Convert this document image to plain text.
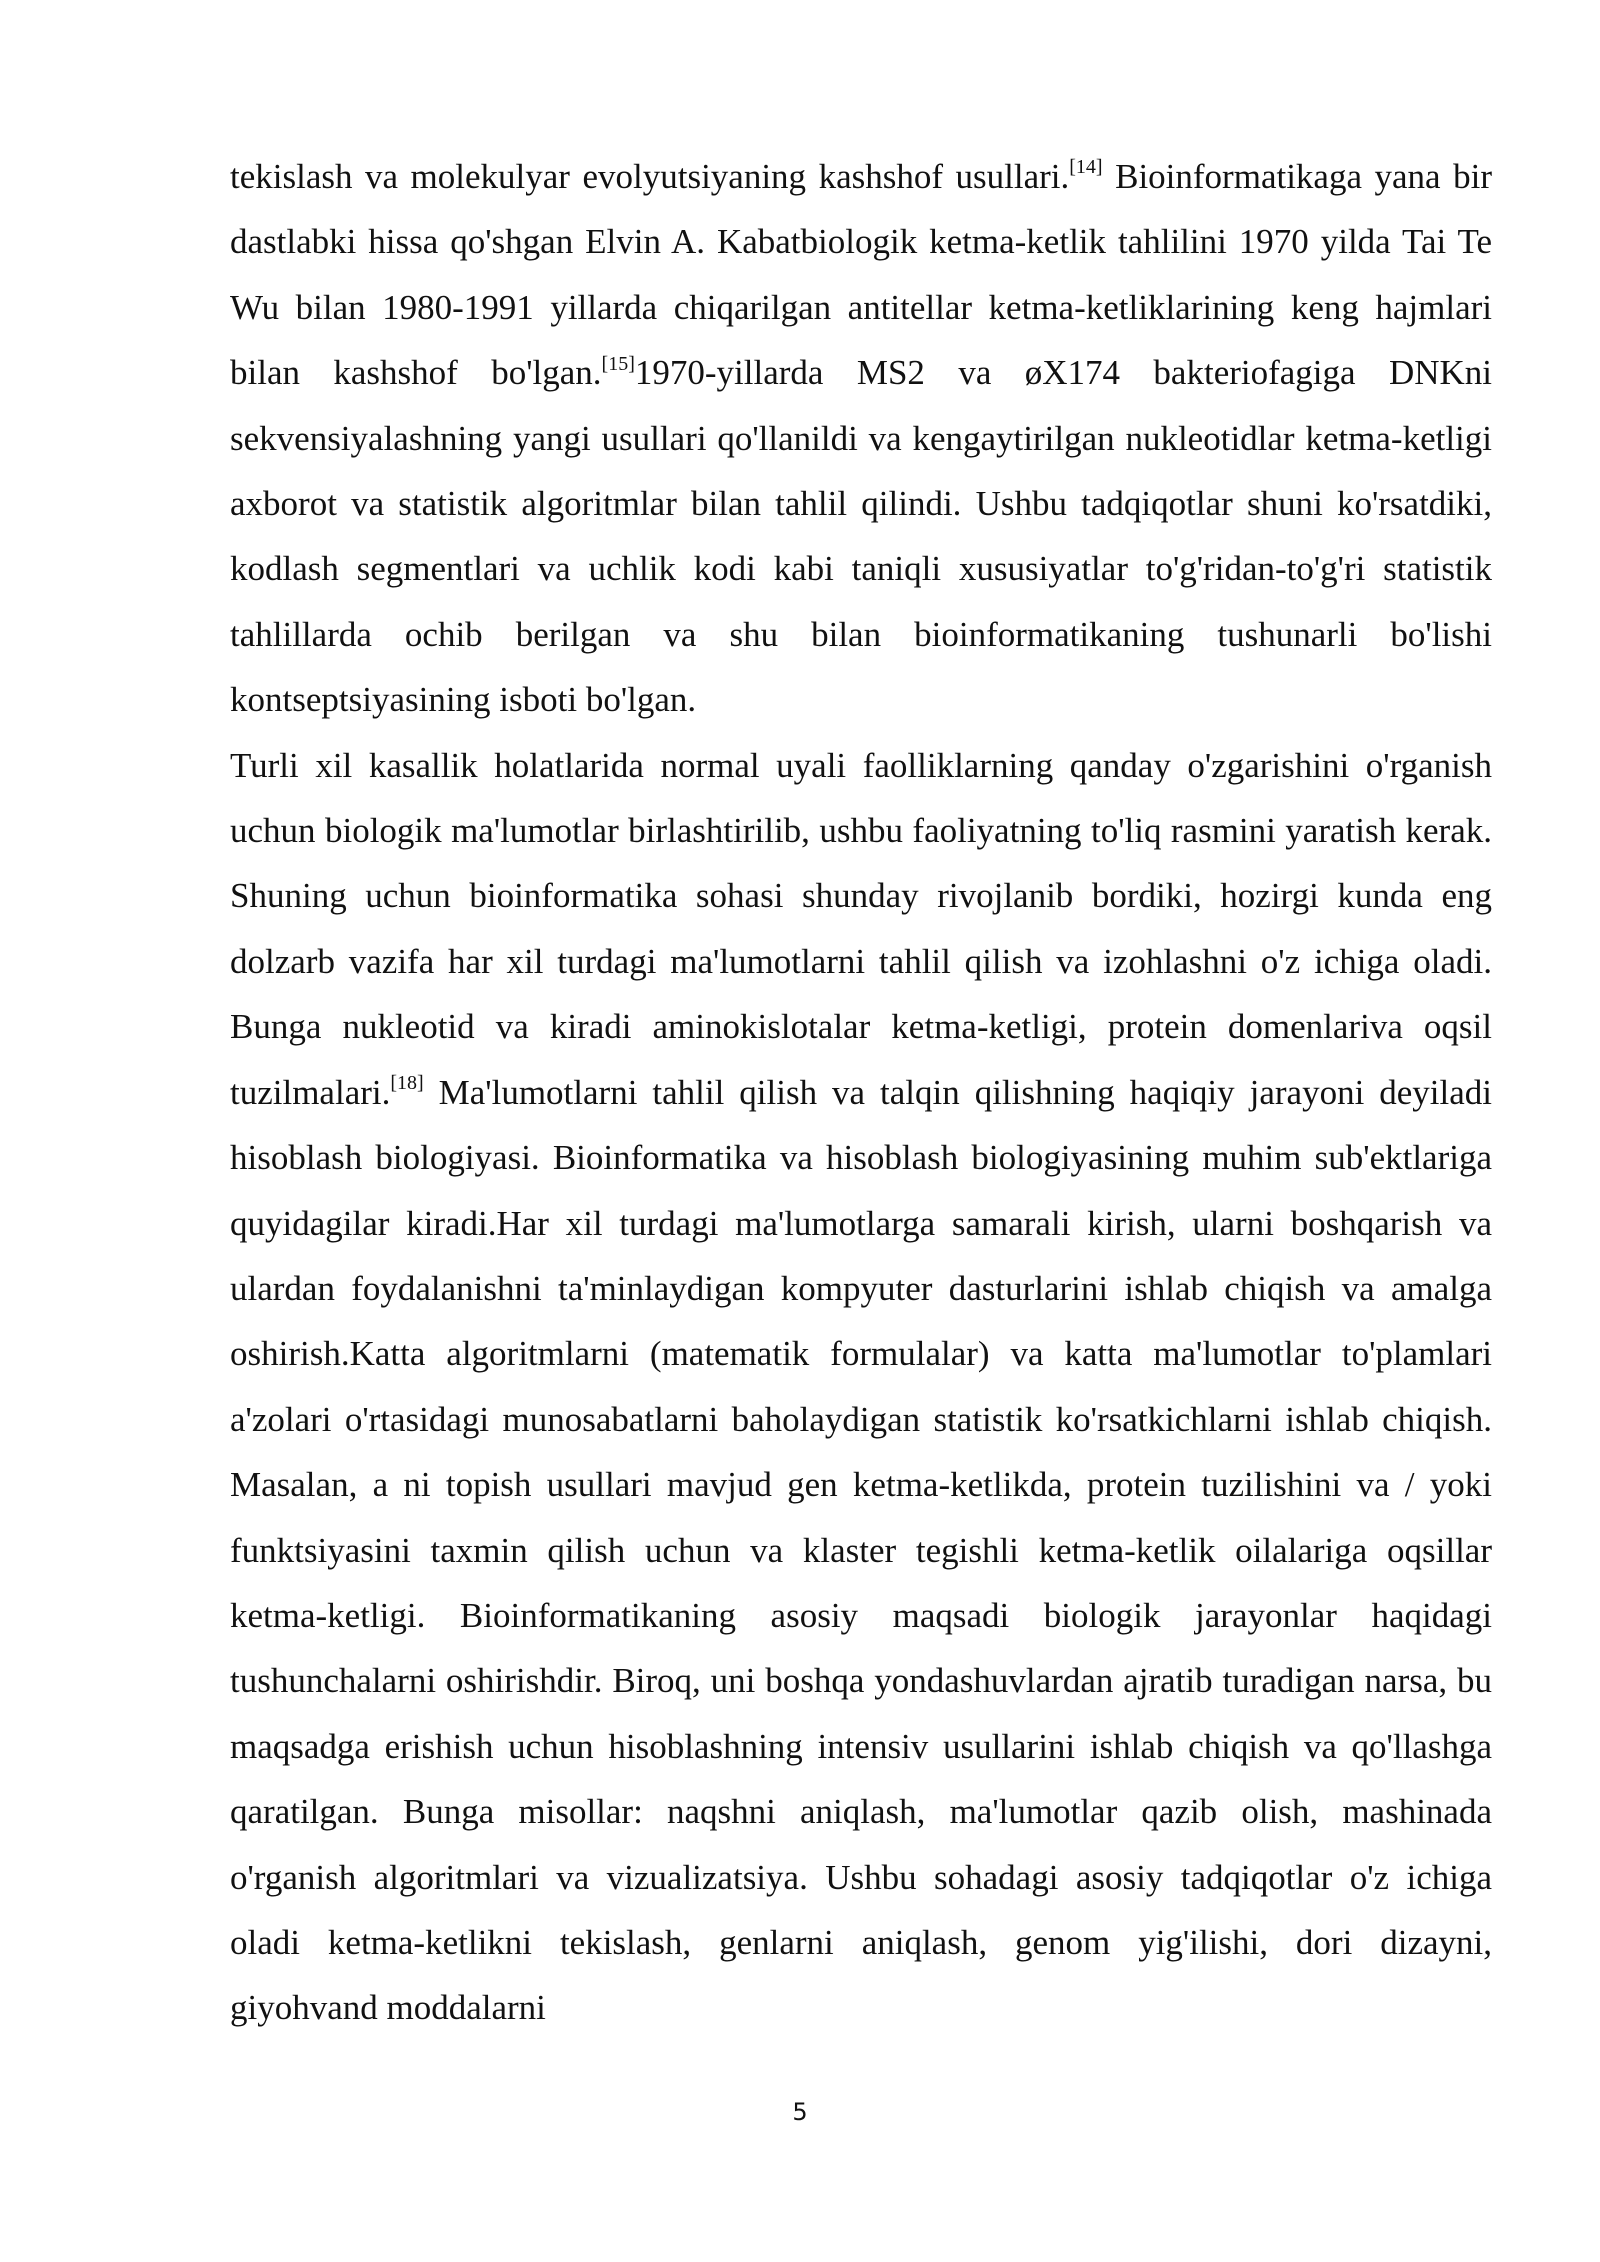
tekislash va molekulyar evolyutsiyaning kashshof usullari.[14] Bioinformatikaga yana bir dastlabki hissa qo'shgan Elvin A. Kabatbiologik ketma-ketlik tahlilini 1970 yilda Tai Te Wu bilan 1980-1991 yillarda chiqarilgan antitellar ketma-ketliklarining keng hajmlari bilan kashshof bo'lgan.[15]1970-yillarda MS2 va øX174 bakteriofagiga DNKni sekvensiyalashning yangi usullari qo'llanildi va kengaytirilgan nukleotidlar ketma-ketligi axborot va statistik algoritmlar bilan tahlil qilindi. Ushbu tadqiqotlar shuni ko'rsatdiki, kodlash segmentlari va uchlik kodi kabi taniqli xususiyatlar to'g'ridan-to'g'ri statistik tahlillarda ochib berilgan va shu bilan bioinformatikaning tushunarli bo'lishi kontseptsiyasining isboti bo'lgan.

Turli xil kasallik holatlarida normal uyali faolliklarning qanday o'zgarishini o'rganish uchun biologik ma'lumotlar birlashtirilib, ushbu faoliyatning to'liq rasmini yaratish kerak. Shuning uchun bioinformatika sohasi shunday rivojlanib bordiki, hozirgi kunda eng dolzarb vazifa har xil turdagi ma'lumotlarni tahlil qilish va izohlashni o'z ichiga oladi. Bunga nukleotid va kiradi aminokislotalar ketma-ketligi, protein domenlariva oqsil tuzilmalari.[18] Ma'lumotlarni tahlil qilish va talqin qilishning haqiqiy jarayoni deyiladi hisoblash biologiyasi. Bioinformatika va hisoblash biologiyasining muhim sub'ektlariga quyidagilar kiradi.Har xil turdagi ma'lumotlarga samarali kirish, ularni boshqarish va ulardan foydalanishni ta'minlaydigan kompyuter dasturlarini ishlab chiqish va amalga oshirish.Katta algoritmlarni (matematik formulalar) va katta ma'lumotlar to'plamlari a'zolari o'rtasidagi munosabatlarni baholaydigan statistik ko'rsatkichlarni ishlab chiqish. Masalan, a ni topish usullari mavjud gen ketma-ketlikda, protein tuzilishini va / yoki funktsiyasini taxmin qilish uchun va klaster tegishli ketma-ketlik oilalariga oqsillar ketma-ketligi. Bioinformatikaning asosiy maqsadi biologik jarayonlar haqidagi tushunchalarni oshirishdir. Biroq, uni boshqa yondashuvlardan ajratib turadigan narsa, bu maqsadga erishish uchun hisoblashning intensiv usullarini ishlab chiqish va qo'llashga qaratilgan. Bunga misollar: naqshni aniqlash, ma'lumotlar qazib olish, mashinada o'rganish algoritmlari va vizualizatsiya. Ushbu sohadagi asosiy tadqiqotlar o'z ichiga oladi ketma-ketlikni tekislash, genlarni aniqlash, genom yig'ilishi, dori dizayni, giyohvand moddalarni

5
